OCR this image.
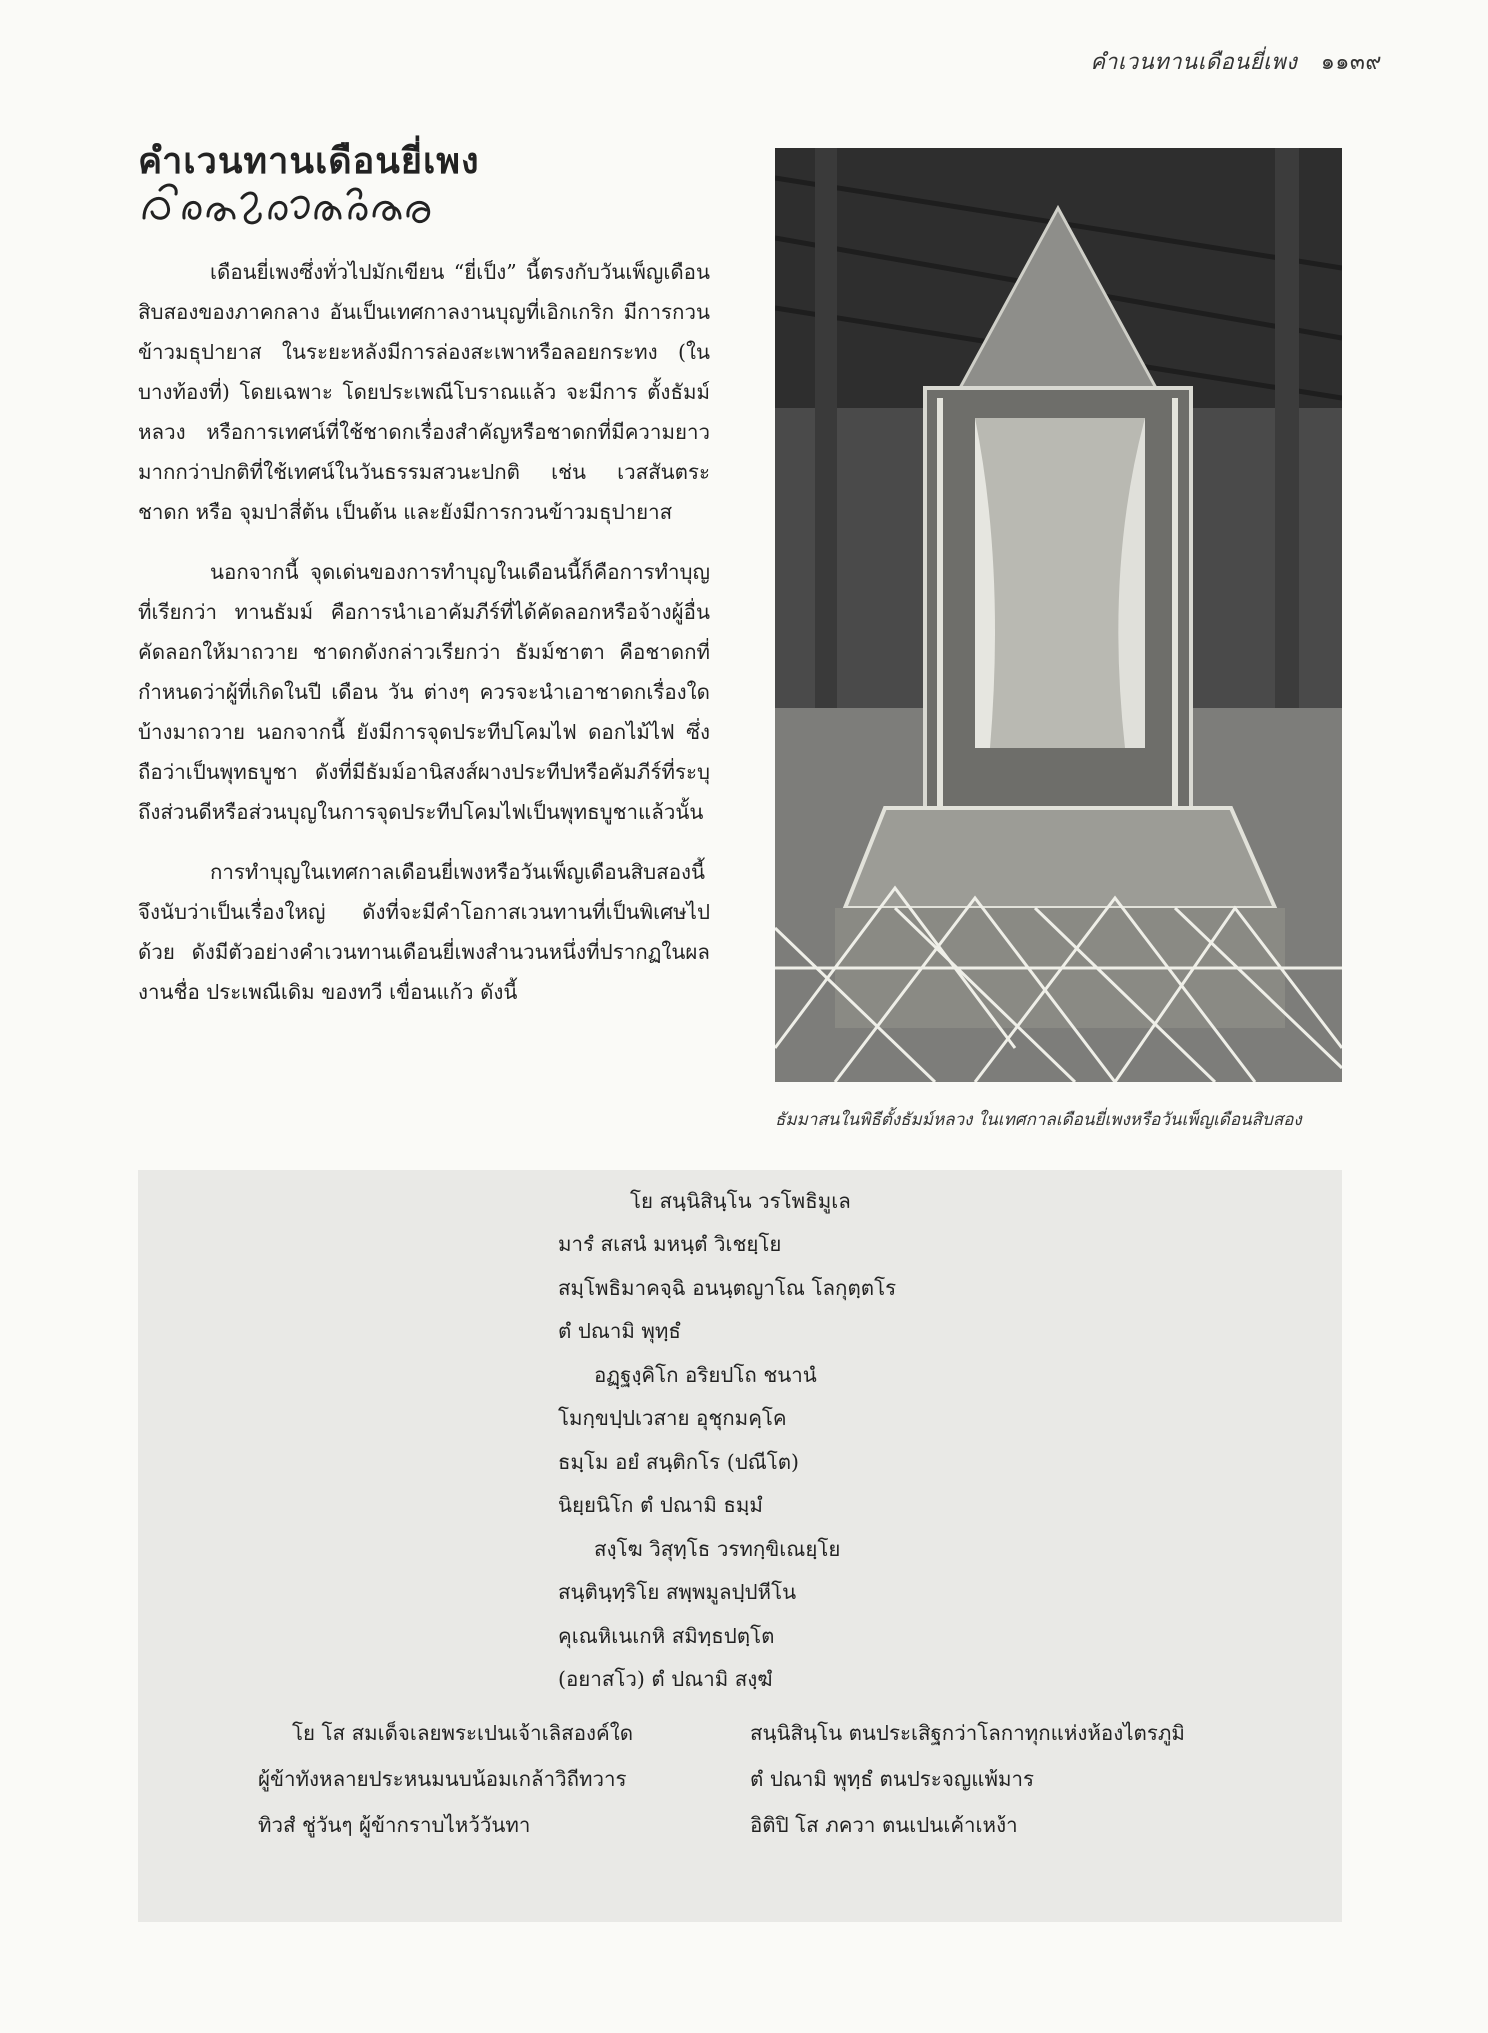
คำเวนทานเดือนยี่เพง ๑๑๓๙
คำเวนทานเดือนยี่เพง

เดือนยี่เพงซึ่งทั่วไปมักเขียน “ยี่เป็ง” นี้ตรงกับวันเพ็ญเดือนสิบสองของภาคกลาง อันเป็นเทศกาลงานบุญที่เอิกเกริก มีการกวนข้าวมธุปายาส ในระยะหลังมีการล่องสะเพาหรือลอยกระทง (ในบางท้องที่) โดยเฉพาะ โดยประเพณีโบราณแล้ว จะมีการ ตั้งธัมม์หลวง หรือการเทศน์ที่ใช้ชาดกเรื่องสำคัญหรือชาดกที่มีความยาวมากกว่าปกติที่ใช้เทศน์ในวันธรรมสวนะปกติ เช่น เวสสันตระชาดก หรือ จุมปาสี่ต้น เป็นต้น และยังมีการกวนข้าวมธุปายาส

นอกจากนี้ จุดเด่นของการทำบุญในเดือนนี้ก็คือการทำบุญที่เรียกว่า ทานธัมม์ คือการนำเอาคัมภีร์ที่ได้คัดลอกหรือจ้างผู้อื่นคัดลอกให้มาถวาย ชาดกดังกล่าวเรียกว่า ธัมม์ชาตา คือชาดกที่กำหนดว่าผู้ที่เกิดในปี เดือน วัน ต่างๆ ควรจะนำเอาชาดกเรื่องใดบ้างมาถวาย นอกจากนี้ ยังมีการจุดประทีปโคมไฟ ดอกไม้ไฟ ซึ่งถือว่าเป็นพุทธบูชา ดังที่มีธัมม์อานิสงส์ผางประทีปหรือคัมภีร์ที่ระบุถึงส่วนดีหรือส่วนบุญในการจุดประทีปโคมไฟเป็นพุทธบูชาแล้วนั้น

การทำบุญในเทศกาลเดือนยี่เพงหรือวันเพ็ญเดือนสิบสองนี้จึงนับว่าเป็นเรื่องใหญ่ ดังที่จะมีคำโอกาสเวนทานที่เป็นพิเศษไปด้วย ดังมีตัวอย่างคำเวนทานเดือนยี่เพงสำนวนหนึ่งที่ปรากฏในผลงานชื่อ ประเพณีเดิม ของทวี เขื่อนแก้ว ดังนี้

ธัมมาสนในพิธีตั้งธัมม์หลวง ในเทศกาลเดือนยี่เพงหรือวันเพ็ญเดือนสิบสอง
โย สนฺนิสินฺโน วรโพธิมูเล
มารํ สเสนํ มหนฺตํ วิเชยฺโย
สมฺโพธิมาคจฺฉิ อนนฺตญาโณ โลกุตฺตโร
ตํ ปณามิ พุทฺธํ
อฏฺฐงฺคิโก อริยปโถ ชนานํ
โมกฺขปฺปเวสาย อุชุกมคฺโค
ธมฺโม อยํ สนฺติกโร (ปณีโต)
นิยฺยนิโก ตํ ปณามิ ธมฺมํ
สงฺโฆ วิสุทฺโธ วรทกฺขิเณยฺโย
สนฺตินฺทฺริโย สพฺพมูลปฺปหีโน
คุเณหิเนเกหิ สมิทฺธปตฺโต
(อยาสโว) ตํ ปณามิ สงฺฆํ
โย โส สมเด็จเลยพระเปนเจ้าเลิสองค์ใด
ผู้ข้าทังหลายประหนมนบน้อมเกล้าวิถีทวาร
ทิวสํ ชู่วันๆ ผู้ข้ากราบไหว้วันทา
สนฺนิสินฺโน ตนประเสิฐกว่าโลกาทุกแห่งห้องไตรภูมิ
ตํ ปณามิ พุทฺธํ ตนประจญแพ้มาร
อิติปิ โส ภควา ตนเปนเค้าเหง้า
